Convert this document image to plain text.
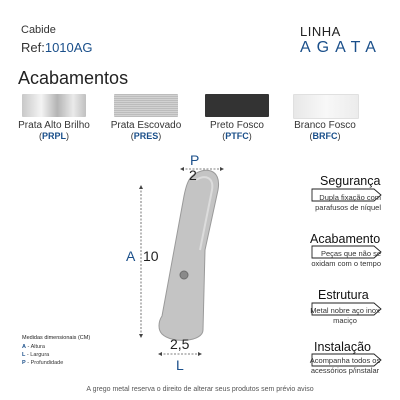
Cabide
Ref:1010AG
LINHA
AGATA
Acabamentos
Prata Alto Brilho
(PRPL)
Prata Escovado
(PRES)
Preto Fosco
(PTFC)
Branco Fosco
(BRFC)
P
2
A 10
2,5
L
Medidas dimensionais (CM)
A - Altura
L - Largura
P - Profundidade
Segurança
Dupla fixação com
parafusos de níquel
Acabamento
Peças que não se
oxidam com o tempo
Estrutura
Metal nobre aço inox
maciço
Instalação
Acompanha todos os
acessórios p/instalar
A grego metal reserva o direito de alterar seus produtos sem prévio aviso
